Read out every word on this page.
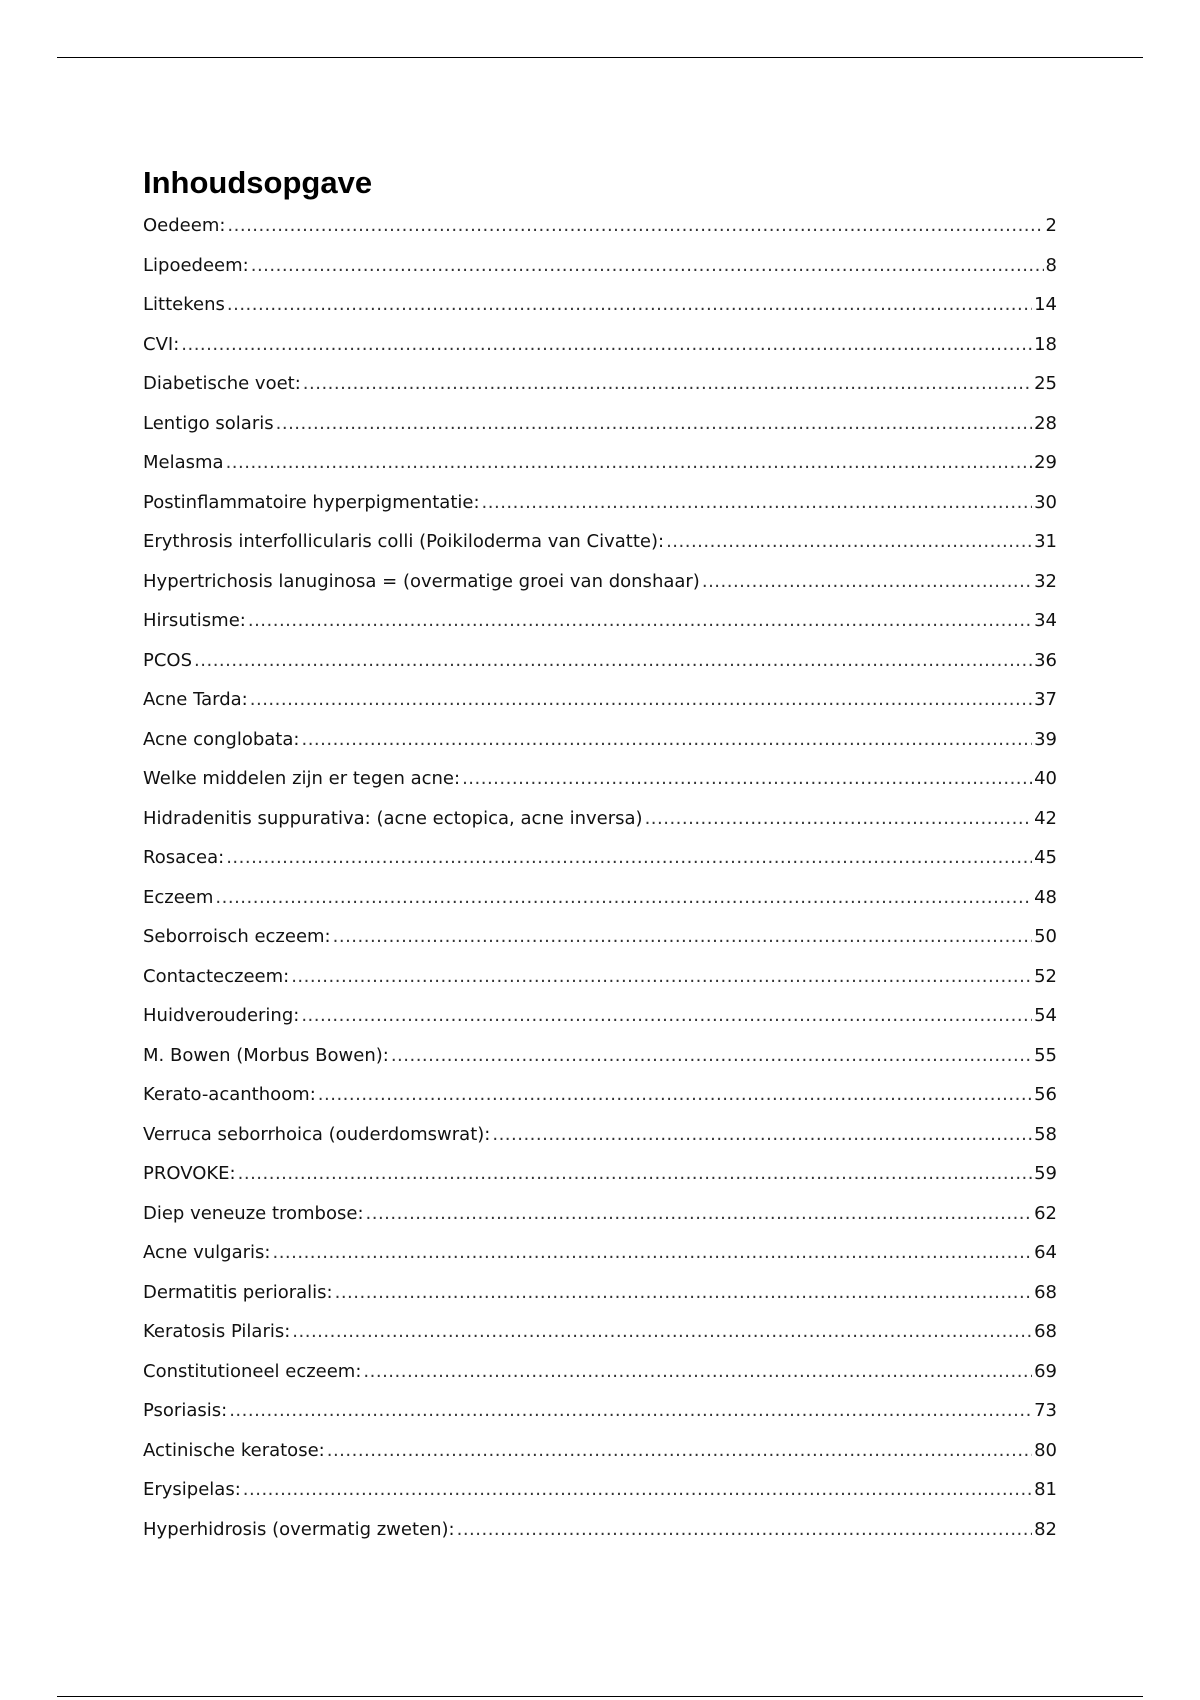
Inhoudsopgave
Oedeem: .....	2
Lipoedeem: .....	8
Littekens .....	14
CVI: .....	18
Diabetische voet: .....	25
Lentigo solaris .....	28
Melasma .....	29
Postinflammatoire hyperpigmentatie: .....	30
Erythrosis interfollicularis colli (Poikiloderma van Civatte): .....	31
Hypertrichosis lanuginosa = (overmatige groei van donshaar) .....	32
Hirsutisme: .....	34
PCOS .....	36
Acne Tarda: .....	37
Acne conglobata: .....	39
Welke middelen zijn er tegen acne: .....	40
Hidradenitis suppurativa: (acne ectopica, acne inversa) .....	42
Rosacea: .....	45
Eczeem .....	48
Seborroisch eczeem: .....	50
Contacteczeem: .....	52
Huidveroudering: .....	54
M. Bowen (Morbus Bowen): .....	55
Kerato-acanthoom: .....	56
Verruca seborrhoica (ouderdomswrat): .....	58
PROVOKE: .....	59
Diep veneuze trombose: .....	62
Acne vulgaris: .....	64
Dermatitis perioralis: .....	68
Keratosis Pilaris: .....	68
Constitutioneel eczeem: .....	69
Psoriasis: .....	73
Actinische keratose: .....	80
Erysipelas: .....	81
Hyperhidrosis (overmatig zweten): .....	82
